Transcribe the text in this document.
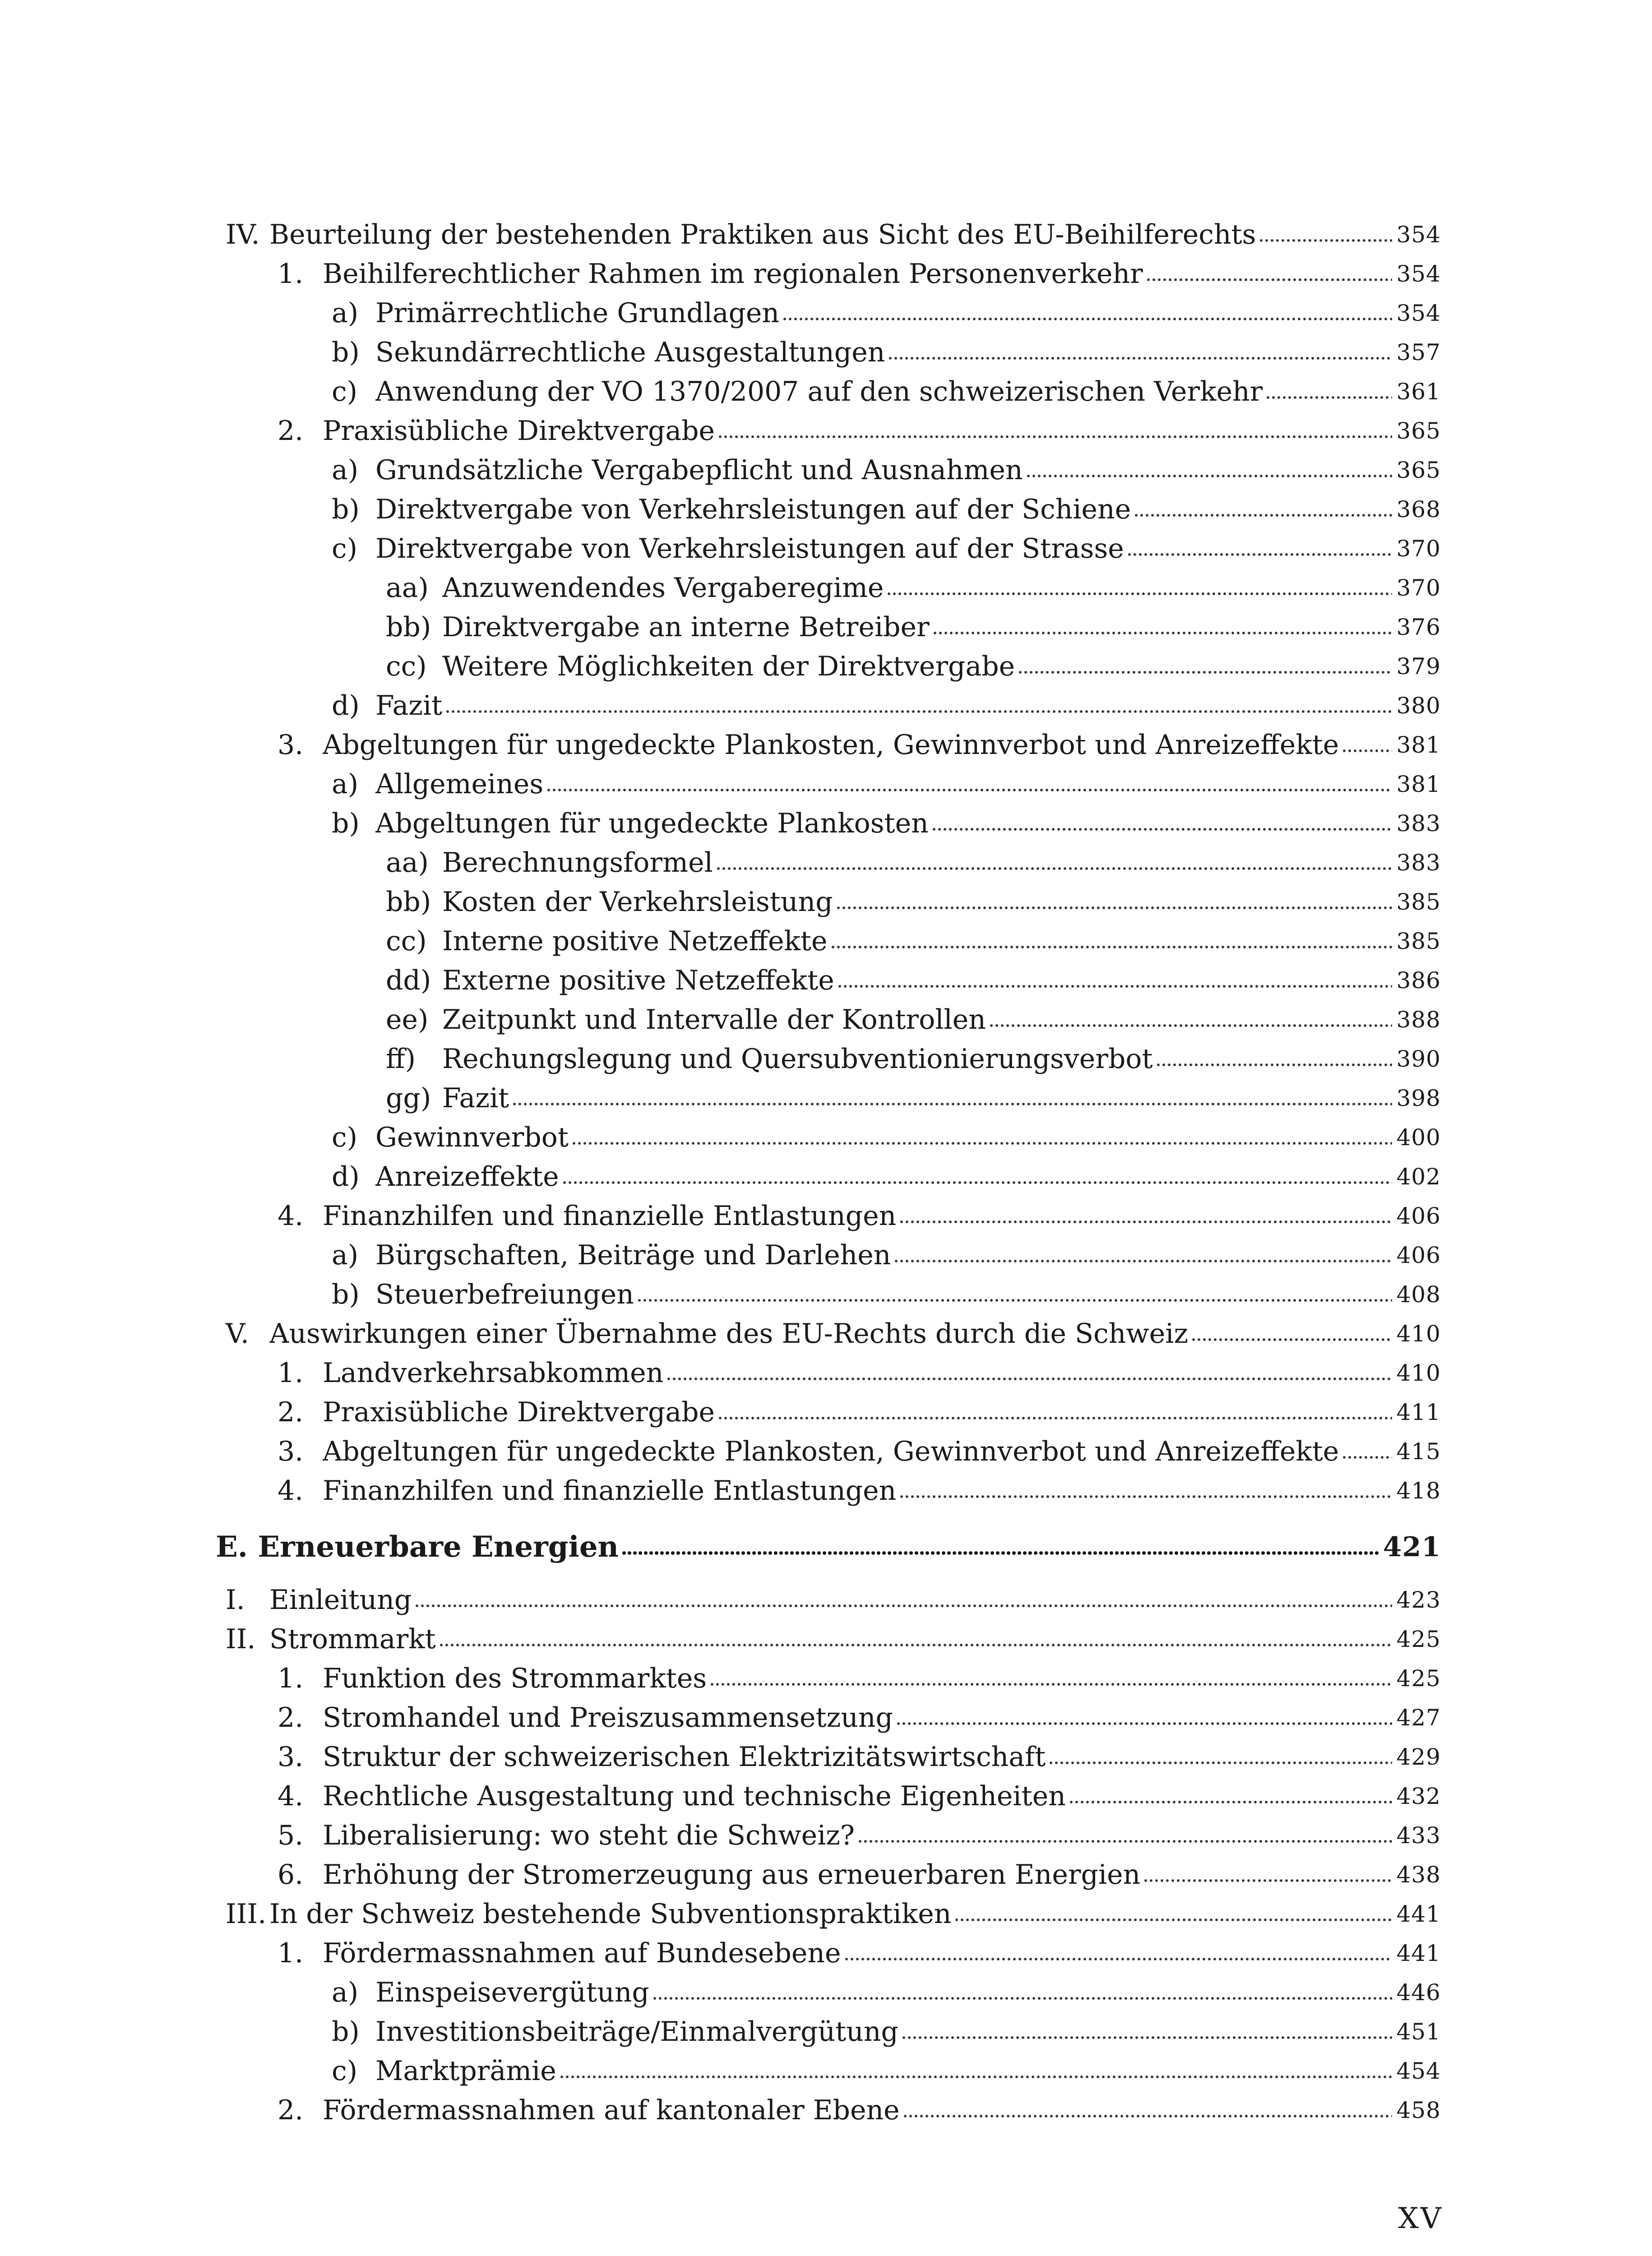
IV. Beurteilung der bestehenden Praktiken aus Sicht des EU-Beihilferechts	354
1. Beihilferechtlicher Rahmen im regionalen Personenverkehr	354
a) Primärrechtliche Grundlagen	354
b) Sekundärrechtliche Ausgestaltungen	357
c) Anwendung der VO 1370/2007 auf den schweizerischen Verkehr	361
2. Praxisübliche Direktvergabe	365
a) Grundsätzliche Vergabepflicht und Ausnahmen	365
b) Direktvergabe von Verkehrsleistungen auf der Schiene	368
c) Direktvergabe von Verkehrsleistungen auf der Strasse	370
aa) Anzuwendendes Vergaberegime	370
bb) Direktvergabe an interne Betreiber	376
cc) Weitere Möglichkeiten der Direktvergabe	379
d) Fazit	380
3. Abgeltungen für ungedeckte Plankosten, Gewinnverbot und Anreizeffekte	381
a) Allgemeines	381
b) Abgeltungen für ungedeckte Plankosten	383
aa) Berechnungsformel	383
bb) Kosten der Verkehrsleistung	385
cc) Interne positive Netzeffekte	385
dd) Externe positive Netzeffekte	386
ee) Zeitpunkt und Intervalle der Kontrollen	388
ff) Rechungslegung und Quersubventionierungsverbot	390
gg) Fazit	398
c) Gewinnverbot	400
d) Anreizeffekte	402
4. Finanzhilfen und finanzielle Entlastungen	406
a) Bürgschaften, Beiträge und Darlehen	406
b) Steuerbefreiungen	408
V. Auswirkungen einer Übernahme des EU-Rechts durch die Schweiz	410
1. Landverkehrsabkommen	410
2. Praxisübliche Direktvergabe	411
3. Abgeltungen für ungedeckte Plankosten, Gewinnverbot und Anreizeffekte	415
4. Finanzhilfen und finanzielle Entlastungen	418
E. Erneuerbare Energien	421
I. Einleitung	423
II. Strommarkt	425
1. Funktion des Strommarktes	425
2. Stromhandel und Preiszusammensetzung	427
3. Struktur der schweizerischen Elektrizitätswirtschaft	429
4. Rechtliche Ausgestaltung und technische Eigenheiten	432
5. Liberalisierung: wo steht die Schweiz?	433
6. Erhöhung der Stromerzeugung aus erneuerbaren Energien	438
III. In der Schweiz bestehende Subventionspraktiken	441
1. Fördermassnahmen auf Bundesebene	441
a) Einspeisevergütung	446
b) Investitionsbeiträge/Einmalvergütung	451
c) Marktprämie	454
2. Fördermassnahmen auf kantonaler Ebene	458
XV
